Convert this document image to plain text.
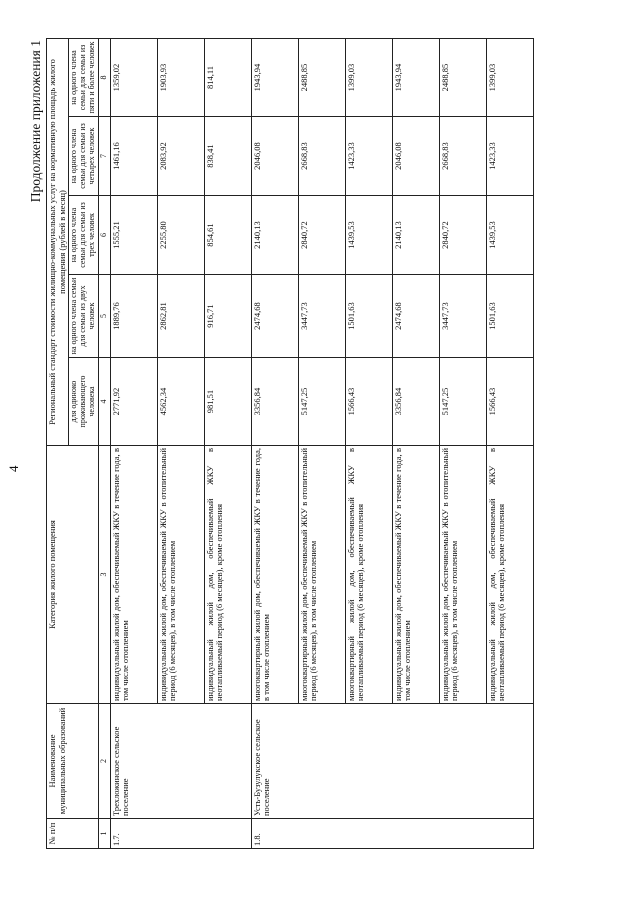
4
Продолжение приложения 1
№ п/п	Наименование муниципальных образований	Категория жилого помещения	Региональный стандарт стоимости жилищно-коммунальных услуг на нормативную площадь жилого помещения (рублей в месяц)				
			для одиноко проживающего человека	на одного члена семьи для семьи из двух человек	на одного члена семьи для семьи из трех человек	на одного члена семьи для семьи из четырех человек	на одного члена семьи для семьи из пяти и более человек
1	2	3	4	5	6	7	8
1.7.	Трехложинское сельское поселение	индивидуальный жилой дом, обеспечиваемый ЖКУ в течение года, в том числе отоплением	2771,92	1889,76	1555,21	1461,16	1359,02
		индивидуальный жилой дом, обеспечиваемый ЖКУ в отопительный период (6 месяцев), в том числе отоплением	4562,34	2862,81	2255,80	2083,92	1903,93
		индивидуальный жилой дом, обеспечиваемый ЖКУ в неотапливаемый период (6 месяцев), кроме отопления	981,51	916,71	854,61	838,41	814,11
1.8.	Усть-Бузулукское сельское поселение	многоквартирный жилой дом, обеспечиваемый ЖКУ в течение года, в том числе отоплением	3356,84	2474,68	2140,13	2046,08	1943,94
		многоквартирный жилой дом, обеспечиваемый ЖКУ в отопительный период (6 месяцев), в том числе отоплением	5147,25	3447,73	2840,72	2668,83	2488,85
		многоквартирный жилой дом, обеспечиваемый ЖКУ в неотапливаемый период (6 месяцев), кроме отопления	1566,43	1501,63	1439,53	1423,33	1399,03
		индивидуальный жилой дом, обеспечиваемый ЖКУ в течение года, в том числе отоплением	3356,84	2474,68	2140,13	2046,08	1943,94
		индивидуальный жилой дом, обеспечиваемый ЖКУ в отопительный период (6 месяцев), в том числе отоплением	5147,25	3447,73	2840,72	2668,83	2488,85
		индивидуальный жилой дом, обеспечиваемый ЖКУ в неотапливаемый период (6 месяцев), кроме отопления	1566,43	1501,63	1439,53	1423,33	1399,03
